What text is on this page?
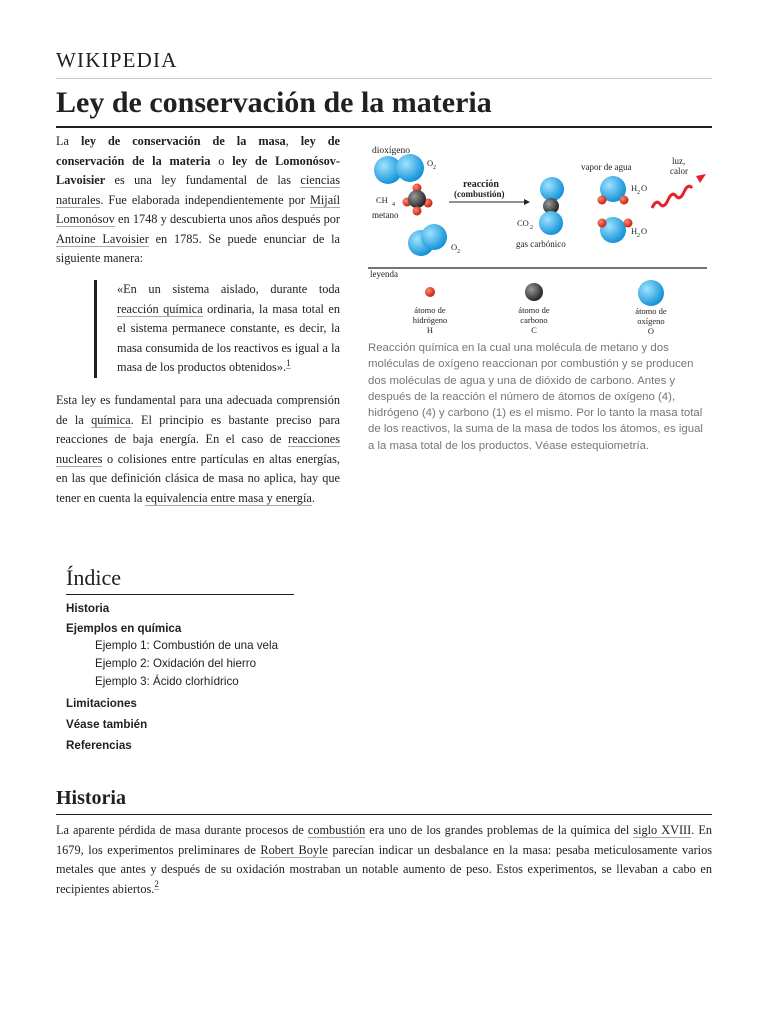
WIKIPEDIA
Ley de conservación de la materia

La ley de conservación de la masa, ley de conservación de la materia o ley de Lomonósov-Lavoisier es una ley fundamental de las ciencias naturales. Fue elaborada independientemente por Mijaíl Lomonósov en 1748 y descubierta unos años después por Antoine Lavoisier en 1785. Se puede enunciar de la siguiente manera:

«En un sistema aislado, durante toda reacción química ordinaria, la masa total en el sistema permanece constante, es decir, la masa consumida de los reactivos es igual a la masa de los productos obtenidos».$^1$

Esta ley es fundamental para una adecuada comprensión de la química. El principio es bastante preciso para reacciones de baja energía. En el caso de reacciones nucleares o colisiones entre partículas en altas energías, en las que definición clásica de masa no aplica, hay que tener en cuenta la equivalencia entre masa y energía.

dioxígeno
O 2
CH 4
metano
O 2
reacción
(combustión)
CO 2
gas carbónico
vapor de agua
H 2 O
H 2 O
luz,
calor
leyenda
átomo de
hidrógeno
H
átomo de
carbono
C
átomo de
oxígeno
O
Reacción química en la cual una molécula de metano y dos moléculas de oxígeno reaccionan por combustión y se producen dos moléculas de agua y una de dióxido de carbono. Antes y después de la reacción el número de átomos de oxígeno (4), hidrógeno (4) y carbono (1) es el mismo. Por lo tanto la masa total de los reactivos, la suma de la masa de todos los átomos, es igual a la masa total de los productos. Véase estequiometría.
Índice
Historia
Ejemplos en química
Ejemplo 1: Combustión de una vela
Ejemplo 2: Oxidación del hierro
Ejemplo 3: Ácido clorhídrico
Limitaciones
Véase también
Referencias
Historia

La aparente pérdida de masa durante procesos de combustión era uno de los grandes problemas de la química del siglo XVIII. En 1679, los experimentos preliminares de Robert Boyle parecían indicar un desbalance en la masa: pesaba meticulosamente varios metales que antes y después de su oxidación mostraban un notable aumento de peso. Estos experimentos, se llevaban a cabo en recipientes abiertos.$^2$
